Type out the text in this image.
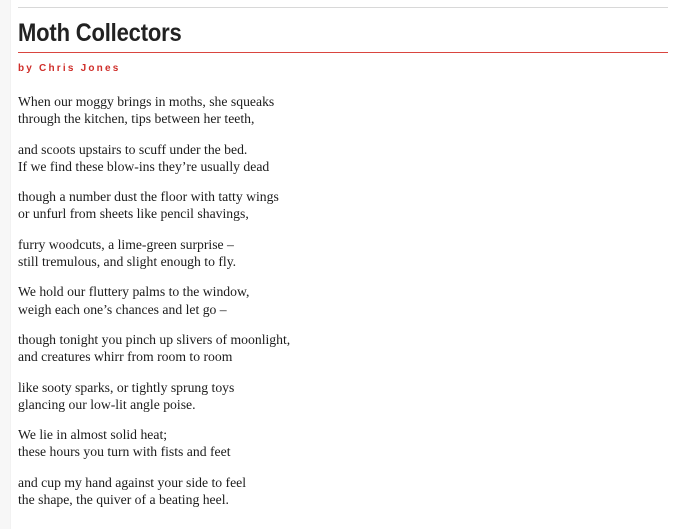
Moth Collectors
by Chris Jones
When our moggy brings in moths, she squeaks
through the kitchen, tips between her teeth,
and scoots upstairs to scuff under the bed.
If we find these blow-ins they’re usually dead
though a number dust the floor with tatty wings
or unfurl from sheets like pencil shavings,
furry woodcuts, a lime-green surprise –
still tremulous, and slight enough to fly.
We hold our fluttery palms to the window,
weigh each one’s chances and let go –
though tonight you pinch up slivers of moonlight,
and creatures whirr from room to room
like sooty sparks, or tightly sprung toys
glancing our low-lit angle poise.
We lie in almost solid heat;
these hours you turn with fists and feet
and cup my hand against your side to feel
the shape, the quiver of a beating heel.
